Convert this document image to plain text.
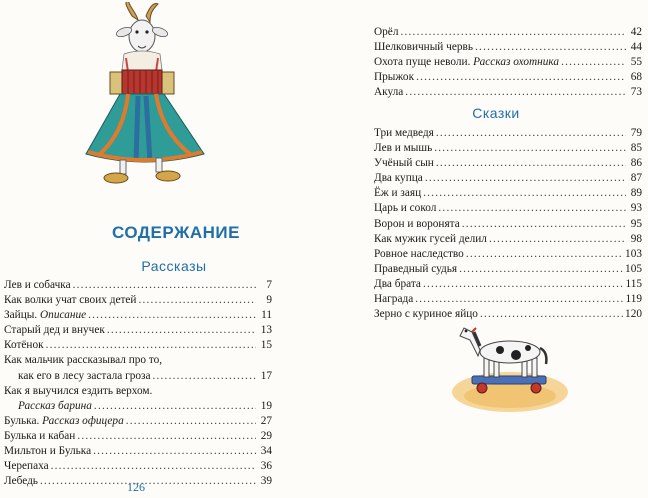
СОДЕРЖАНИЕ
Рассказы
Лев и собачка .....	7
Как волки учат своих детей .....	9
Зайцы. Описание .....	11
Старый дед и внучек .....	13
Котёнок .....	15
Как мальчик рассказывал про то,
как его в лесу застала гроза .....	17
Как я выучился ездить верхом.
Рассказ барина .....	19
Булька. Рассказ офицера .....	27
Булька и кабан .....	29
Мильтон и Булька .....	34
Черепаха .....	36
Лебедь .....	39
126
Орёл .....	42
Шелковичный червь .....	44
Охота пуще неволи. Рассказ охотника .....	55
Прыжок .....	68
Акула .....	73
Сказки
Три медведя .....	79
Лев и мышь .....	85
Учёный сын .....	86
Два купца .....	87
Ёж и заяц .....	89
Царь и сокол .....	93
Ворон и воронята .....	95
Как мужик гусей делил .....	98
Ровное наследство .....	103
Праведный судья .....	105
Два брата .....	115
Награда .....	119
Зерно с куриное яйцо .....	120
